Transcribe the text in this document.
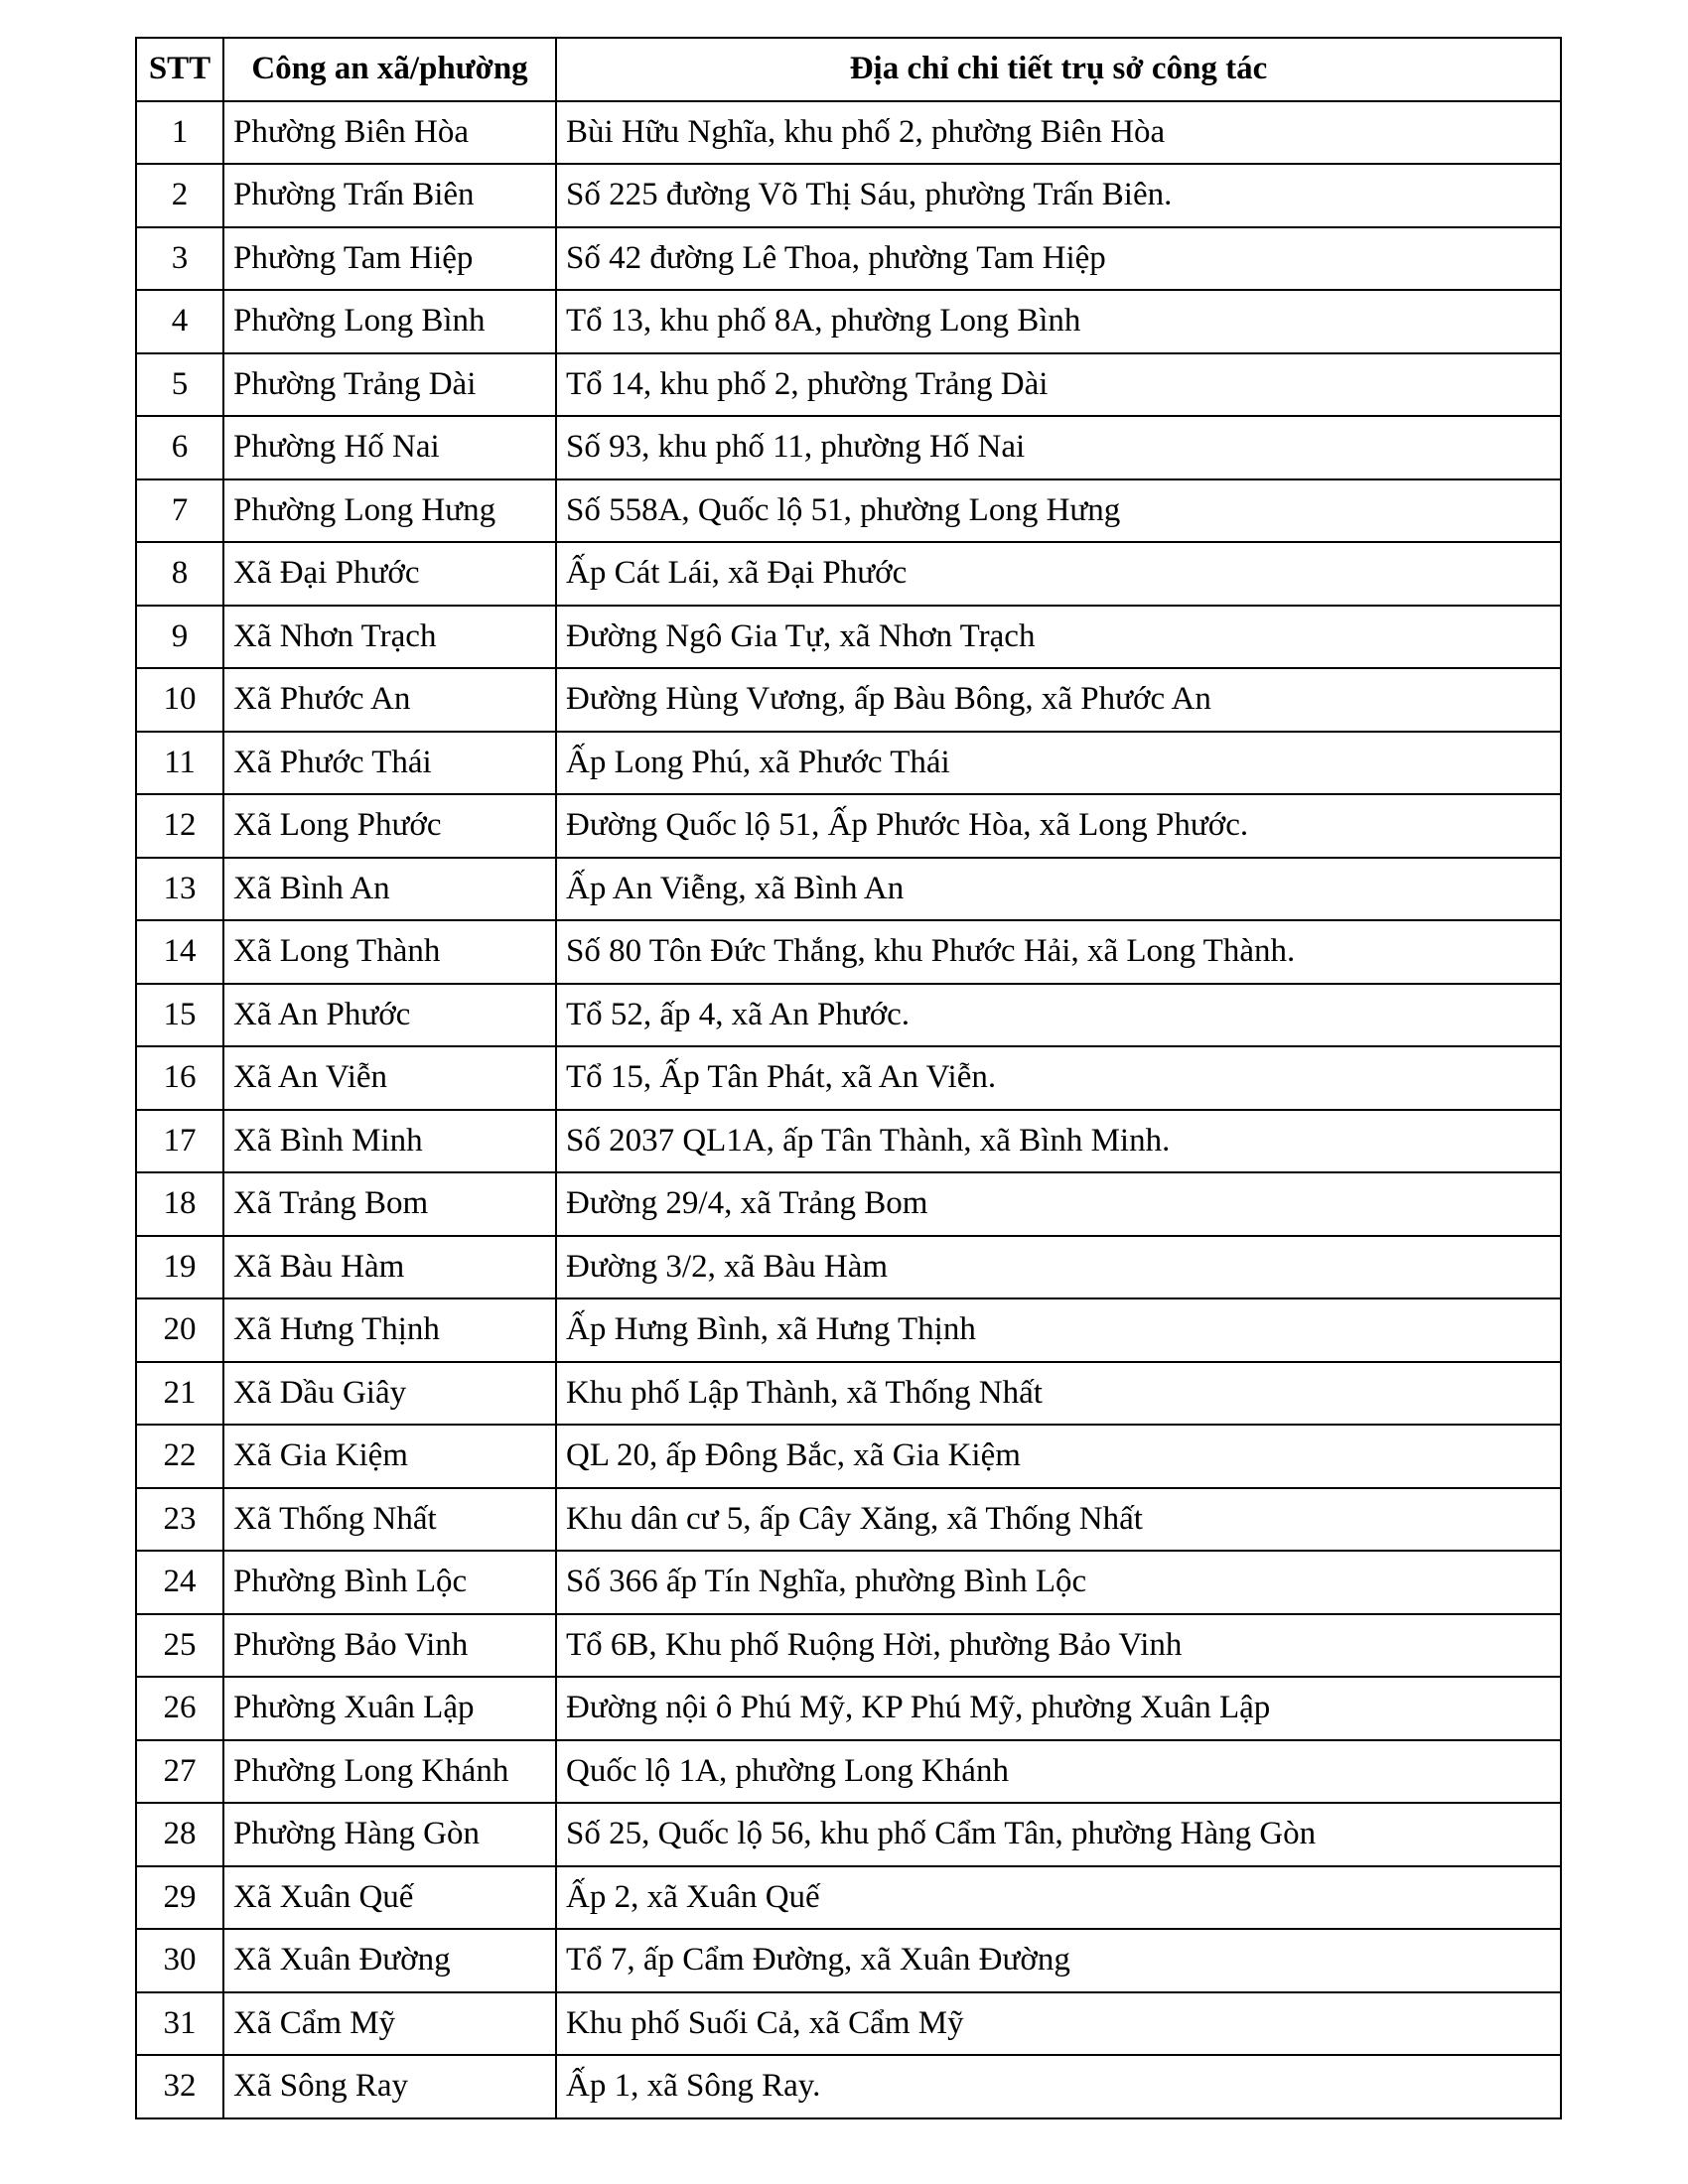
STT	Công an xã/phường	Địa chỉ chi tiết trụ sở công tác
1	Phường Biên Hòa	Bùi Hữu Nghĩa, khu phố 2, phường Biên Hòa
2	Phường Trấn Biên	Số 225 đường Võ Thị Sáu, phường Trấn Biên.
3	Phường Tam Hiệp	Số 42 đường Lê Thoa, phường Tam Hiệp
4	Phường Long Bình	Tổ 13, khu phố 8A, phường Long Bình
5	Phường Trảng Dài	Tổ 14, khu phố 2, phường Trảng Dài
6	Phường Hố Nai	Số 93, khu phố 11, phường Hố Nai
7	Phường Long Hưng	Số 558A, Quốc lộ 51, phường Long Hưng
8	Xã Đại Phước	Ấp Cát Lái, xã Đại Phước
9	Xã Nhơn Trạch	Đường Ngô Gia Tự, xã Nhơn Trạch
10	Xã Phước An	Đường Hùng Vương, ấp Bàu Bông, xã Phước An
11	Xã Phước Thái	Ấp Long Phú, xã Phước Thái
12	Xã Long Phước	Đường Quốc lộ 51, Ấp Phước Hòa, xã Long Phước.
13	Xã Bình An	Ấp An Viễng, xã Bình An
14	Xã Long Thành	Số 80 Tôn Đức Thắng, khu Phước Hải, xã Long Thành.
15	Xã An Phước	Tổ 52, ấp 4, xã An Phước.
16	Xã An Viễn	Tổ 15, Ấp Tân Phát, xã An Viễn.
17	Xã Bình Minh	Số 2037 QL1A, ấp Tân Thành, xã Bình Minh.
18	Xã Trảng Bom	Đường 29/4, xã Trảng Bom
19	Xã Bàu Hàm	Đường 3/2, xã Bàu Hàm
20	Xã Hưng Thịnh	Ấp Hưng Bình, xã Hưng Thịnh
21	Xã Dầu Giây	Khu phố Lập Thành, xã Thống Nhất
22	Xã Gia Kiệm	QL 20, ấp Đông Bắc, xã Gia Kiệm
23	Xã Thống Nhất	Khu dân cư 5, ấp Cây Xăng, xã Thống Nhất
24	Phường Bình Lộc	Số 366 ấp Tín Nghĩa, phường Bình Lộc
25	Phường Bảo Vinh	Tổ 6B, Khu phố Ruộng Hời, phường Bảo Vinh
26	Phường Xuân Lập	Đường nội ô Phú Mỹ, KP Phú Mỹ, phường Xuân Lập
27	Phường Long Khánh	Quốc lộ 1A, phường Long Khánh
28	Phường Hàng Gòn	Số 25, Quốc lộ 56, khu phố Cẩm Tân, phường Hàng Gòn
29	Xã Xuân Quế	Ấp 2, xã Xuân Quế
30	Xã Xuân Đường	Tổ 7, ấp Cẩm Đường, xã Xuân Đường
31	Xã Cẩm Mỹ	Khu phố Suối Cả, xã Cẩm Mỹ
32	Xã Sông Ray	Ấp 1, xã Sông Ray.
